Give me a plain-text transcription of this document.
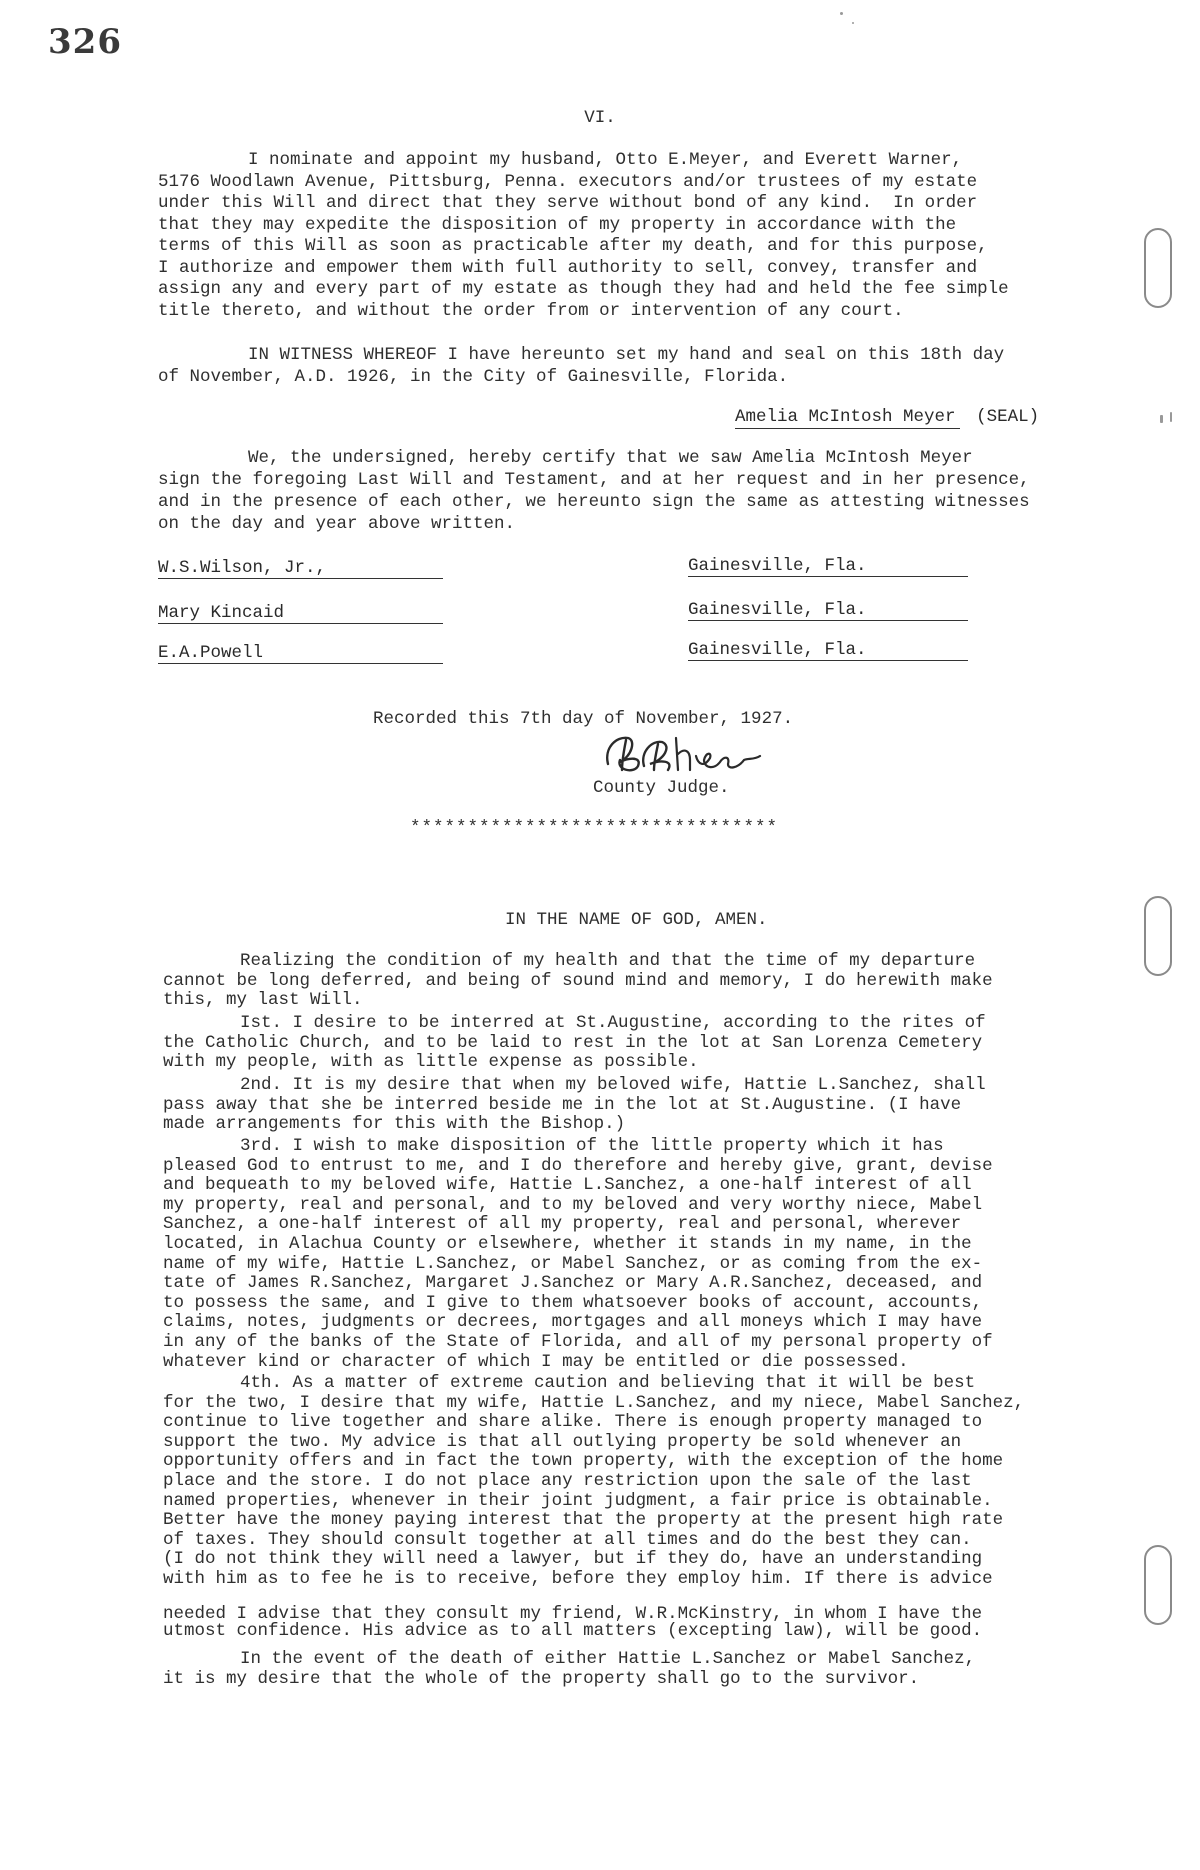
326
VI.
I nominate and appoint my husband, Otto E.Meyer, and Everett Warner,
5176 Woodlawn Avenue, Pittsburg, Penna. executors and/or trustees of my estate
under this Will and direct that they serve without bond of any kind.  In order
that they may expedite the disposition of my property in accordance with the
terms of this Will as soon as practicable after my death, and for this purpose,
I authorize and empower them with full authority to sell, convey, transfer and
assign any and every part of my estate as though they had and held the fee simple
title thereto, and without the order from or intervention of any court.
IN WITNESS WHEREOF I have hereunto set my hand and seal on this 18th day
of November, A.D. 1926, in the City of Gainesville, Florida.
Amelia McIntosh Meyer (SEAL)
We, the undersigned, hereby certify that we saw Amelia McIntosh Meyer
sign the foregoing Last Will and Testament, and at her request and in her presence,
and in the presence of each other, we hereunto sign the same as attesting witnesses
on the day and year above written.
W.S.Wilson, Jr.,	Gainesville, Fla.
Mary Kincaid	Gainesville, Fla.
E.A.Powell	Gainesville, Fla.
Recorded this 7th day of November, 1927.
County Judge.
********************************
IN THE NAME OF GOD, AMEN.
Realizing the condition of my health and that the time of my departure
cannot be long deferred, and being of sound mind and memory, I do herewith make
this, my last Will.
Ist. I desire to be interred at St.Augustine, according to the rites of
the Catholic Church, and to be laid to rest in the lot at San Lorenza Cemetery
with my people, with as little expense as possible.
2nd. It is my desire that when my beloved wife, Hattie L.Sanchez, shall
pass away that she be interred beside me in the lot at St.Augustine. (I have
made arrangements for this with the Bishop.)
3rd. I wish to make disposition of the little property which it has
pleased God to entrust to me, and I do therefore and hereby give, grant, devise
and bequeath to my beloved wife, Hattie L.Sanchez, a one-half interest of all
my property, real and personal, and to my beloved and very worthy niece, Mabel
Sanchez, a one-half interest of all my property, real and personal, wherever
located, in Alachua County or elsewhere, whether it stands in my name, in the
name of my wife, Hattie L.Sanchez, or Mabel Sanchez, or as coming from the ex-
tate of James R.Sanchez, Margaret J.Sanchez or Mary A.R.Sanchez, deceased, and
to possess the same, and I give to them whatsoever books of account, accounts,
claims, notes, judgments or decrees, mortgages and all moneys which I may have
in any of the banks of the State of Florida, and all of my personal property of
whatever kind or character of which I may be entitled or die possessed.
4th. As a matter of extreme caution and believing that it will be best
for the two, I desire that my wife, Hattie L.Sanchez, and my niece, Mabel Sanchez,
continue to live together and share alike. There is enough property managed to
support the two. My advice is that all outlying property be sold whenever an
opportunity offers and in fact the town property, with the exception of the home
place and the store. I do not place any restriction upon the sale of the last
named properties, whenever in their joint judgment, a fair price is obtainable.
Better have the money paying interest that the property at the present high rate
of taxes. They should consult together at all times and do the best they can.
(I do not think they will need a lawyer, but if they do, have an understanding
with him as to fee he is to receive, before they employ him. If there is advice
needed I advise that they consult my friend, W.R.McKinstry, in whom I have the
utmost confidence. His advice as to all matters (excepting law), will be good.
In the event of the death of either Hattie L.Sanchez or Mabel Sanchez,
it is my desire that the whole of the property shall go to the survivor.
